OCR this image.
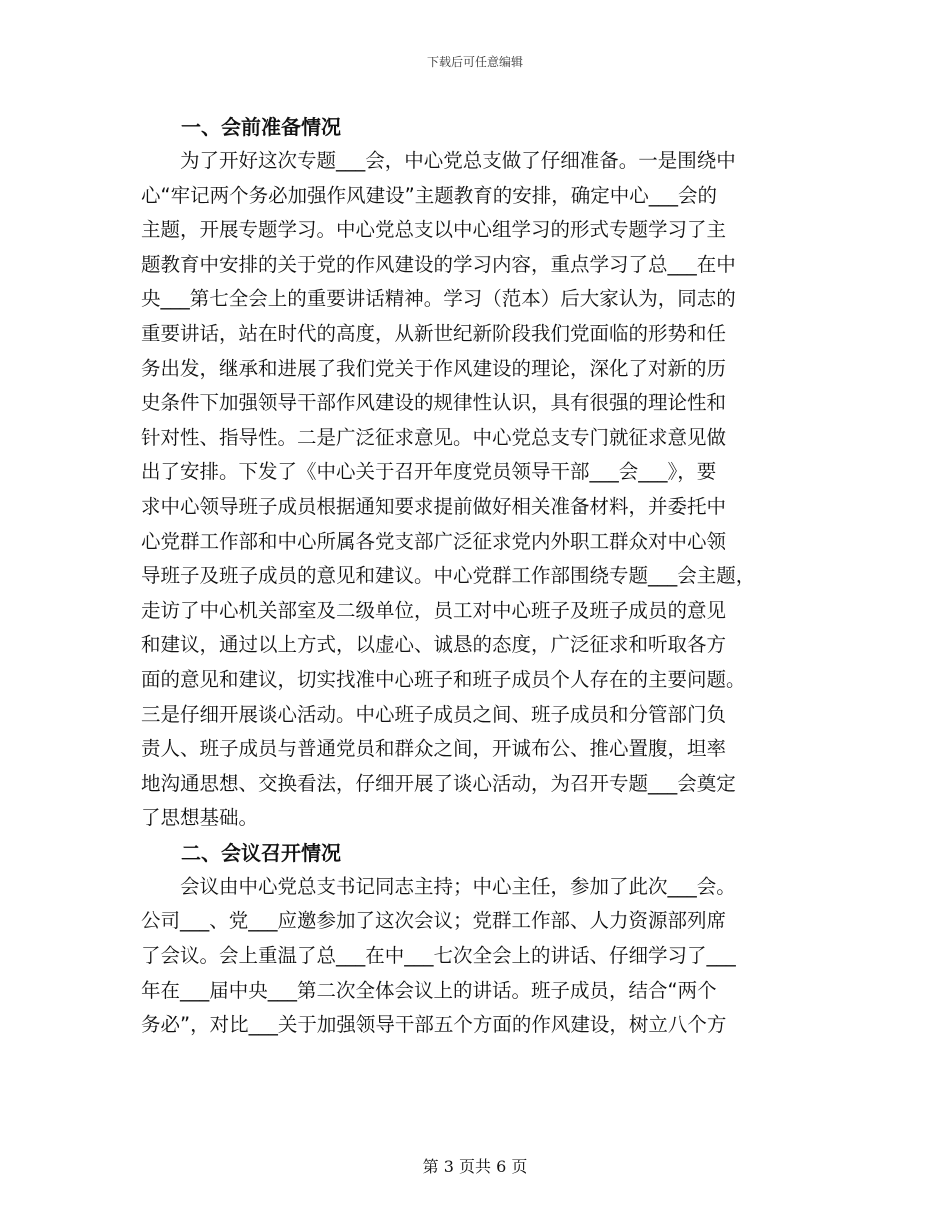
下载后可任意编辑
一、会前准备情况
　　为了开好这次专题___会，中心党总支做了仔细准备。一是围绕中
心“牢记两个务必加强作风建设”主题教育的安排，确定中心___会的
主题，开展专题学习。中心党总支以中心组学习的形式专题学习了主
题教育中安排的关于党的作风建设的学习内容，重点学习了总___在中
央___第七全会上的重要讲话精神。学习（范本）后大家认为，同志的
重要讲话，站在时代的高度，从新世纪新阶段我们党面临的形势和任
务出发，继承和进展了我们党关于作风建设的理论，深化了对新的历
史条件下加强领导干部作风建设的规律性认识，具有很强的理论性和
针对性、指导性。二是广泛征求意见。中心党总支专门就征求意见做
出了安排。下发了《中心关于召开年度党员领导干部___会___》，要
求中心领导班子成员根据通知要求提前做好相关准备材料，并委托中
心党群工作部和中心所属各党支部广泛征求党内外职工群众对中心领
导班子及班子成员的意见和建议。中心党群工作部围绕专题___会主题，
走访了中心机关部室及二级单位，员工对中心班子及班子成员的意见
和建议，通过以上方式，以虚心、诚恳的态度，广泛征求和听取各方
面的意见和建议，切实找准中心班子和班子成员个人存在的主要问题。
三是仔细开展谈心活动。中心班子成员之间、班子成员和分管部门负
责人、班子成员与普通党员和群众之间，开诚布公、推心置腹，坦率
地沟通思想、交换看法，仔细开展了谈心活动，为召开专题___会奠定
了思想基础。
二、会议召开情况
　　会议由中心党总支书记同志主持；中心主任，参加了此次___会。
公司___、党___应邀参加了这次会议；党群工作部、人力资源部列席
了会议。会上重温了总___在中___七次全会上的讲话、仔细学习了___
年在___届中央___第二次全体会议上的讲话。班子成员，结合“两个
务必”，对比___关于加强领导干部五个方面的作风建设，树立八个方
第 3 页共 6 页
